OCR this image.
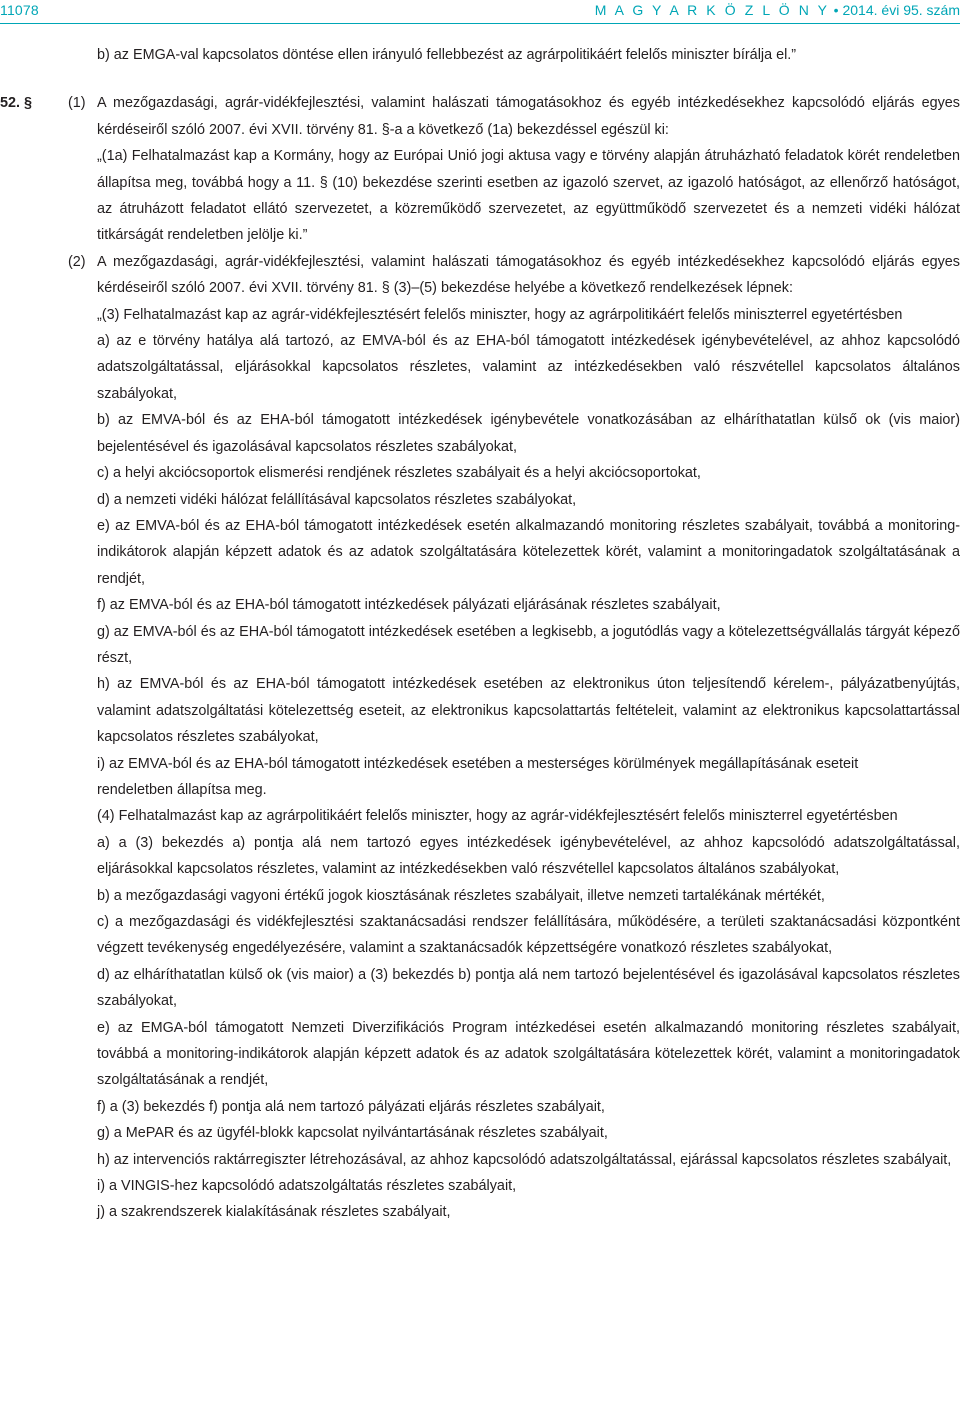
11078	M A G Y A R K Ö Z L Ö N Y • 2014. évi 95. szám

b) az EMGA-val kapcsolatos döntése ellen irányuló fellebbezést az agrárpolitikáért felelős miniszter bírálja el.”

52. § (1) A mezőgazdasági, agrár-vidékfejlesztési, valamint halászati támogatásokhoz és egyéb intézkedésekhez kapcsolódó eljárás egyes kérdéseiről szóló 2007. évi XVII. törvény 81. §-a a következő (1a) bekezdéssel egészül ki:

„(1a) Felhatalmazást kap a Kormány, hogy az Európai Unió jogi aktusa vagy e törvény alapján átruházható feladatok körét rendeletben állapítsa meg, továbbá hogy a 11. § (10) bekezdése szerinti esetben az igazoló szervet, az igazoló hatóságot, az ellenőrző hatóságot, az átruházott feladatot ellátó szervezetet, a közreműködő szervezetet, az együttműködő szervezetet és a nemzeti vidéki hálózat titkárságát rendeletben jelölje ki.”

(2) A mezőgazdasági, agrár-vidékfejlesztési, valamint halászati támogatásokhoz és egyéb intézkedésekhez kapcsolódó eljárás egyes kérdéseiről szóló 2007. évi XVII. törvény 81. § (3)–(5) bekezdése helyébe a következő rendelkezések lépnek:

„(3) Felhatalmazást kap az agrár-vidékfejlesztésért felelős miniszter, hogy az agrárpolitikáért felelős miniszterrel egyetértésben

a) az e törvény hatálya alá tartozó, az EMVA-ból és az EHA-ból támogatott intézkedések igénybevételével, az ahhoz kapcsolódó adatszolgáltatással, eljárásokkal kapcsolatos részletes, valamint az intézkedésekben való részvétellel kapcsolatos általános szabályokat,

b) az EMVA-ból és az EHA-ból támogatott intézkedések igénybevétele vonatkozásában az elháríthatatlan külső ok (vis maior) bejelentésével és igazolásával kapcsolatos részletes szabályokat,

c) a helyi akciócsoportok elismerési rendjének részletes szabályait és a helyi akciócsoportokat,

d) a nemzeti vidéki hálózat felállításával kapcsolatos részletes szabályokat,

e) az EMVA-ból és az EHA-ból támogatott intézkedések esetén alkalmazandó monitoring részletes szabályait, továbbá a monitoring-indikátorok alapján képzett adatok és az adatok szolgáltatására kötelezettek körét, valamint a monitoringadatok szolgáltatásának a rendjét,

f) az EMVA-ból és az EHA-ból támogatott intézkedések pályázati eljárásának részletes szabályait,

g) az EMVA-ból és az EHA-ból támogatott intézkedések esetében a legkisebb, a jogutódlás vagy a kötelezettségvállalás tárgyát képező részt,

h) az EMVA-ból és az EHA-ból támogatott intézkedések esetében az elektronikus úton teljesítendő kérelem-, pályázatbenyújtás, valamint adatszolgáltatási kötelezettség eseteit, az elektronikus kapcsolattartás feltételeit, valamint az elektronikus kapcsolattartással kapcsolatos részletes szabályokat,

i) az EMVA-ból és az EHA-ból támogatott intézkedések esetében a mesterséges körülmények megállapításának eseteit

rendeletben állapítsa meg.

(4) Felhatalmazást kap az agrárpolitikáért felelős miniszter, hogy az agrár-vidékfejlesztésért felelős miniszterrel egyetértésben

a) a (3) bekezdés a) pontja alá nem tartozó egyes intézkedések igénybevételével, az ahhoz kapcsolódó adatszolgáltatással, eljárásokkal kapcsolatos részletes, valamint az intézkedésekben való részvétellel kapcsolatos általános szabályokat,

b) a mezőgazdasági vagyoni értékű jogok kiosztásának részletes szabályait, illetve nemzeti tartalékának mértékét,

c) a mezőgazdasági és vidékfejlesztési szaktanácsadási rendszer felállítására, működésére, a területi szaktanácsadási központként végzett tevékenység engedélyezésére, valamint a szaktanácsadók képzettségére vonatkozó részletes szabályokat,

d) az elháríthatatlan külső ok (vis maior) a (3) bekezdés b) pontja alá nem tartozó bejelentésével és igazolásával kapcsolatos részletes szabályokat,

e) az EMGA-ból támogatott Nemzeti Diverzifikációs Program intézkedései esetén alkalmazandó monitoring részletes szabályait, továbbá a monitoring-indikátorok alapján képzett adatok és az adatok szolgáltatására kötelezettek körét, valamint a monitoringadatok szolgáltatásának a rendjét,

f) a (3) bekezdés f) pontja alá nem tartozó pályázati eljárás részletes szabályait,

g) a MePAR és az ügyfél-blokk kapcsolat nyilvántartásának részletes szabályait,

h) az intervenciós raktárregiszter létrehozásával, az ahhoz kapcsolódó adatszolgáltatással, ejárással kapcsolatos részletes szabályait,

i) a VINGIS-hez kapcsolódó adatszolgáltatás részletes szabályait,

j) a szakrendszerek kialakításának részletes szabályait,
